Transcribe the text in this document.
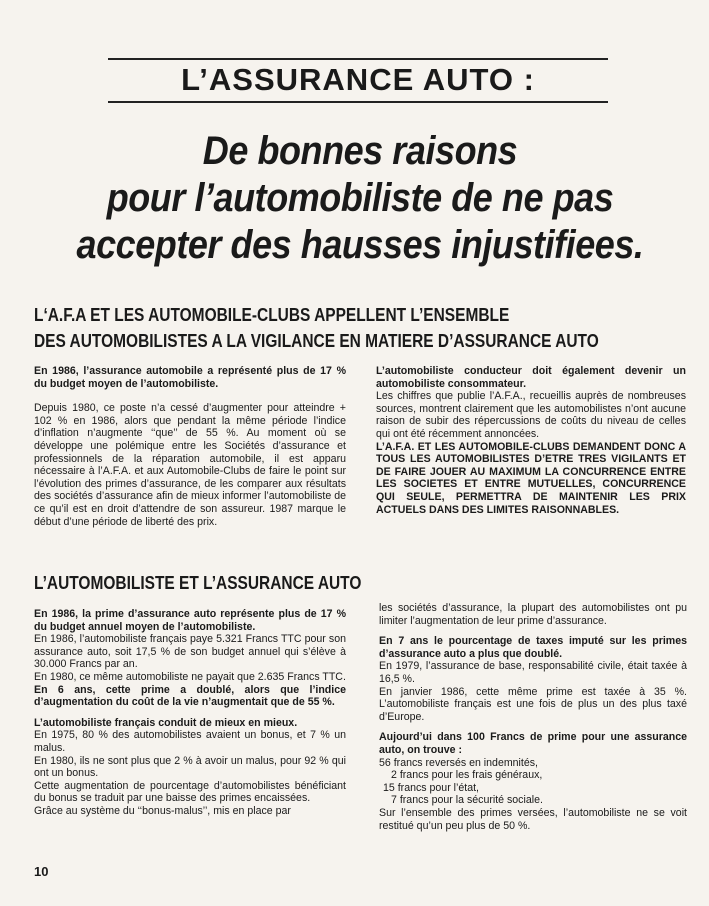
L’ASSURANCE AUTO :
De bonnes raisons
pour l’automobiliste de ne pas
accepter des hausses injustifiees.
L‘A.F.A ET LES AUTOMOBILE-CLUBS APPELLENT L’ENSEMBLE
DES AUTOMOBILISTES A LA VIGILANCE EN MATIERE D’ASSURANCE AUTO

En 1986, l’assurance automobile a représenté plus de 17 % du budget moyen de l’automobiliste.

Depuis 1980, ce poste n’a cessé d’augmenter pour atteindre + 102 % en 1986, alors que pendant la même période l’indice d’inflation n’augmente ‘‘que’’ de 55 %. Au moment où se développe une polémique entre les Sociétés d’assurance et professionnels de la réparation automobile, il est apparu nécessaire à l’A.F.A. et aux Automobile-Clubs de faire le point sur l’évolution des primes d’assurance, de les comparer aux résultats des sociétés d’assurance afin de mieux informer l’automobiliste de ce qu’il est en droit d’attendre de son assureur. 1987 marque le début d’une période de liberté des prix.

L’automobiliste conducteur doit également devenir un automobiliste consommateur.

Les chiffres que publie l’A.F.A., recueillis auprès de nombreuses sources, montrent clairement que les automobilistes n’ont aucune raison de subir des répercussions de coûts du niveau de celles qui ont été récemment annoncées.

L’A.F.A. ET LES AUTOMOBILE-CLUBS DEMANDENT DONC A TOUS LES AUTOMOBILISTES D’ETRE TRES VIGILANTS ET DE FAIRE JOUER AU MAXIMUM LA CONCURRENCE ENTRE LES SOCIETES ET ENTRE MUTUELLES, CONCURRENCE QUI SEULE, PERMETTRA DE MAINTENIR LES PRIX ACTUELS DANS DES LIMITES RAISONNABLES.

L’AUTOMOBILISTE ET L’ASSURANCE AUTO

En 1986, la prime d’assurance auto représente plus de 17 % du budget annuel moyen de l’automobiliste.

En 1986, l’automobiliste français paye 5.321 Francs TTC pour son assurance auto, soit 17,5 % de son budget annuel qui s’élève à 30.000 Francs par an.

En 1980, ce même automobiliste ne payait que 2.635 Francs TTC.

En 6 ans, cette prime a doublé, alors que l’indice d’augmentation du coût de la vie n’augmentait que de 55 %.

L’automobiliste français conduit de mieux en mieux.

En 1975, 80 % des automobilistes avaient un bonus, et 7 % un malus.

En 1980, ils ne sont plus que 2 % à avoir un malus, pour 92 % qui ont un bonus.

Cette augmentation de pourcentage d’automobilistes bénéficiant du bonus se traduit par une baisse des primes encaissées.

Grâce au système du ‘‘bonus-malus’’, mis en place par

les sociétés d’assurance, la plupart des automobilistes ont pu limiter l’augmentation de leur prime d’assurance.

En 7 ans le pourcentage de taxes imputé sur les primes d’assurance auto a plus que doublé.

En 1979, l’assurance de base, responsabilité civile, était taxée à 16,5 %.

En janvier 1986, cette même prime est taxée à 35 %. L’automobiliste français est une fois de plus un des plus taxé d’Europe.

Aujourd’ui dans 100 Francs de prime pour une assurance auto, on trouve :

56 francs reversés en indemnités,

2 francs pour les frais généraux,

15 francs pour l’état,

7 francs pour la sécurité sociale.

Sur l’ensemble des primes versées, l’automobiliste ne se voit restitué qu’un peu plus de 50 %.

10
